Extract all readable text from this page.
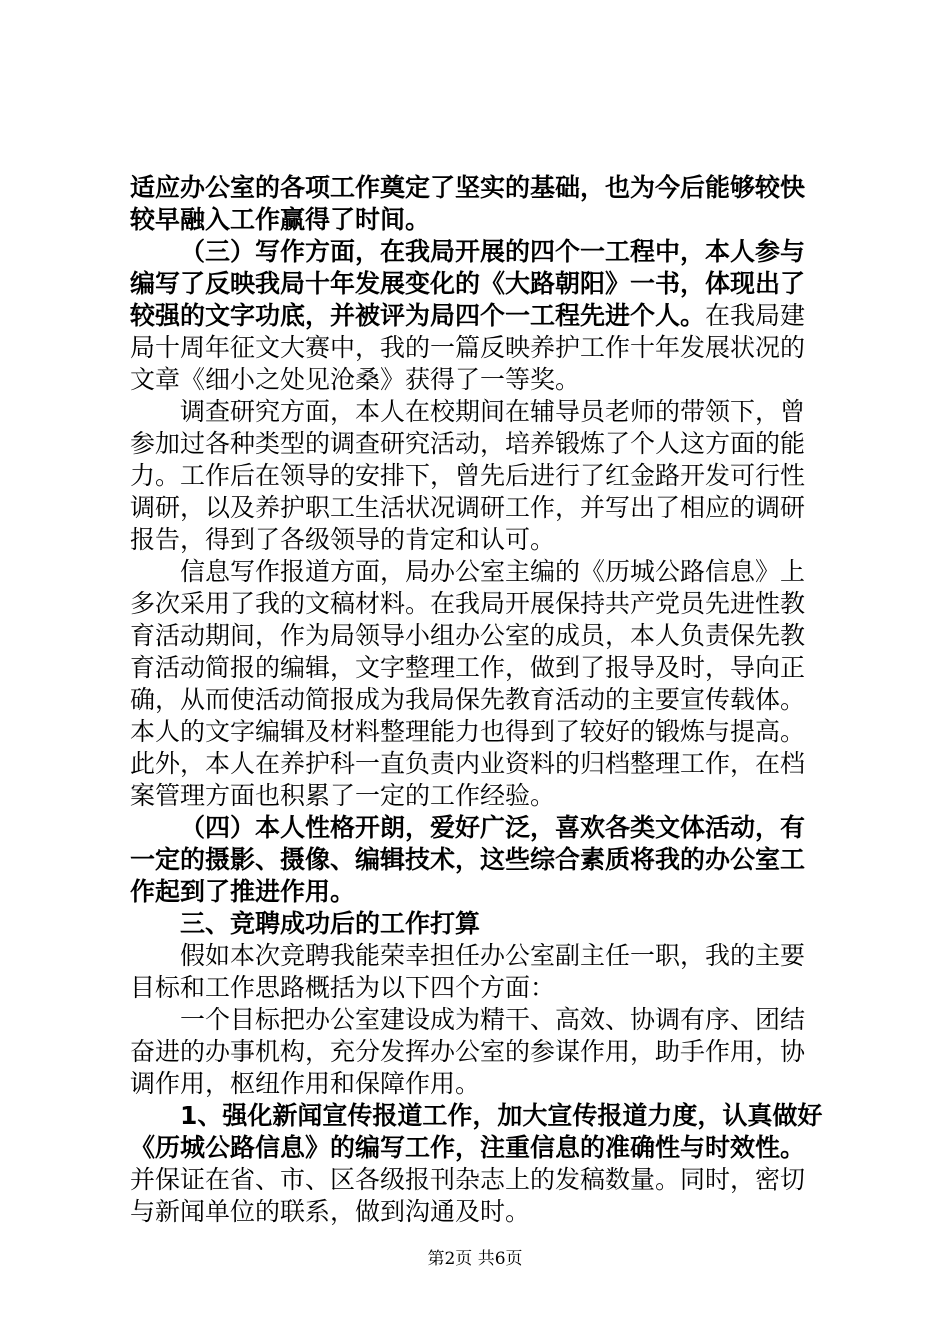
适应办公室的各项工作奠定了坚实的基础，也为今后能够较快
较早融入工作赢得了时间。
（三）写作方面，在我局开展的四个一工程中，本人参与
编写了反映我局十年发展变化的《大路朝阳》一书，体现出了
较强的文字功底，并被评为局四个一工程先进个人。在我局建
局十周年征文大赛中，我的一篇反映养护工作十年发展状况的
文章《细小之处见沧桑》获得了一等奖。
调查研究方面，本人在校期间在辅导员老师的带领下，曾
参加过各种类型的调查研究活动，培养锻炼了个人这方面的能
力。工作后在领导的安排下，曾先后进行了红金路开发可行性
调研，以及养护职工生活状况调研工作，并写出了相应的调研
报告，得到了各级领导的肯定和认可。
信息写作报道方面，局办公室主编的《历城公路信息》上
多次采用了我的文稿材料。在我局开展保持共产党员先进性教
育活动期间，作为局领导小组办公室的成员，本人负责保先教
育活动简报的编辑，文字整理工作，做到了报导及时，导向正
确，从而使活动简报成为我局保先教育活动的主要宣传载体。
本人的文字编辑及材料整理能力也得到了较好的锻炼与提高。
此外，本人在养护科一直负责内业资料的归档整理工作，在档
案管理方面也积累了一定的工作经验。
（四）本人性格开朗，爱好广泛，喜欢各类文体活动，有
一定的摄影、摄像、编辑技术，这些综合素质将我的办公室工
作起到了推进作用。
三、竞聘成功后的工作打算
假如本次竞聘我能荣幸担任办公室副主任一职，我的主要
目标和工作思路概括为以下四个方面：
一个目标把办公室建设成为精干、高效、协调有序、团结
奋进的办事机构，充分发挥办公室的参谋作用，助手作用，协
调作用，枢纽作用和保障作用。
1、强化新闻宣传报道工作，加大宣传报道力度，认真做好
《历城公路信息》的编写工作，注重信息的准确性与时效性。
并保证在省、市、区各级报刊杂志上的发稿数量。同时，密切
与新闻单位的联系，做到沟通及时。
第2页 共6页
